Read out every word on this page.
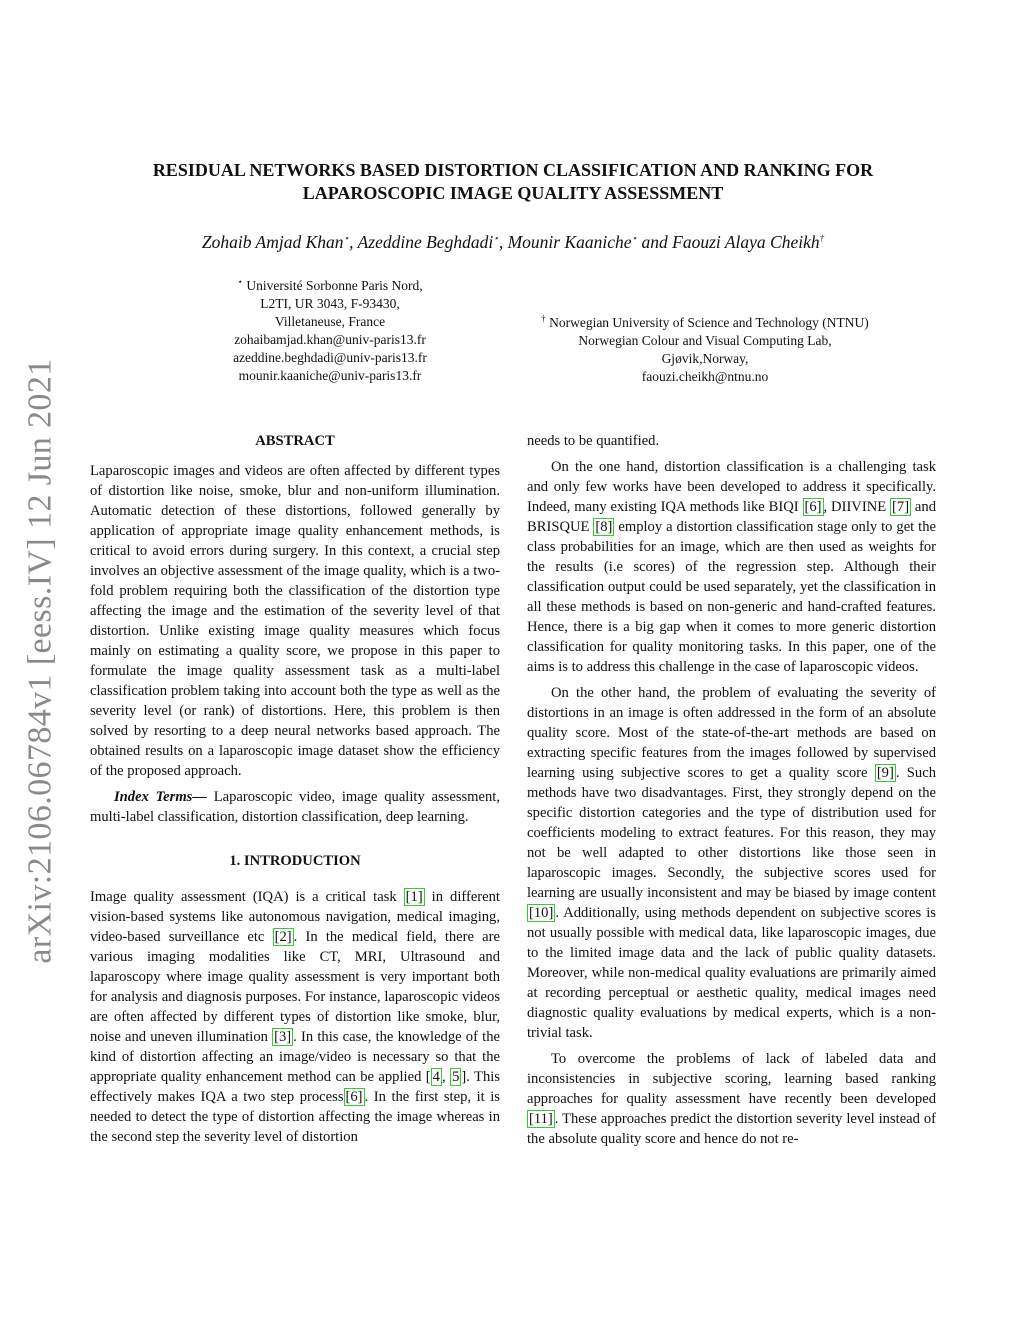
arXiv:2106.06784v1 [eess.IV] 12 Jun 2021
RESIDUAL NETWORKS BASED DISTORTION CLASSIFICATION AND RANKING FOR LAPAROSCOPIC IMAGE QUALITY ASSESSMENT
Zohaib Amjad Khan⋆, Azeddine Beghdadi⋆, Mounir Kaaniche⋆ and Faouzi Alaya Cheikh†
⋆ Université Sorbonne Paris Nord,
L2TI, UR 3043, F-93430,
Villetaneuse, France
zohaibamjad.khan@univ-paris13.fr
azeddine.beghdadi@univ-paris13.fr
mounir.kaaniche@univ-paris13.fr
† Norwegian University of Science and Technology (NTNU)
Norwegian Colour and Visual Computing Lab,
Gjøvik,Norway,
faouzi.cheikh@ntnu.no
ABSTRACT

Laparoscopic images and videos are often affected by different types of distortion like noise, smoke, blur and non-uniform illumination. Automatic detection of these distortions, followed generally by application of appropriate image quality enhancement methods, is critical to avoid errors during surgery. In this context, a crucial step involves an objective assessment of the image quality, which is a two-fold problem requiring both the classification of the distortion type affecting the image and the estimation of the severity level of that distortion. Unlike existing image quality measures which focus mainly on estimating a quality score, we propose in this paper to formulate the image quality assessment task as a multi-label classification problem taking into account both the type as well as the severity level (or rank) of distortions. Here, this problem is then solved by resorting to a deep neural networks based approach. The obtained results on a laparoscopic image dataset show the efficiency of the proposed approach.

Index Terms— Laparoscopic video, image quality assessment, multi-label classification, distortion classification, deep learning.

1. INTRODUCTION

Image quality assessment (IQA) is a critical task [1] in different vision-based systems like autonomous navigation, medical imaging, video-based surveillance etc [2] . In the medical field, there are various imaging modalities like CT, MRI, Ultrasound and laparoscopy where image quality assessment is very important both for analysis and diagnosis purposes. For instance, laparoscopic videos are often affected by different types of distortion like smoke, blur, noise and uneven illumination [3] . In this case, the knowledge of the kind of distortion affecting an image/video is necessary so that the appropriate quality enhancement method can be applied [ 4 , 5 ]. This effectively makes IQA a two step process [6] . In the first step, it is needed to detect the type of distortion affecting the image whereas in the second step the severity level of distortion

needs to be quantified.

On the one hand, distortion classification is a challenging task and only few works have been developed to address it specifically. Indeed, many existing IQA methods like BIQI [6] , DIIVINE [7] and BRISQUE [8] employ a distortion classification stage only to get the class probabilities for an image, which are then used as weights for the results (i.e scores) of the regression step. Although their classification output could be used separately, yet the classification in all these methods is based on non-generic and hand-crafted features. Hence, there is a big gap when it comes to more generic distortion classification for quality monitoring tasks. In this paper, one of the aims is to address this challenge in the case of laparoscopic videos.

On the other hand, the problem of evaluating the severity of distortions in an image is often addressed in the form of an absolute quality score. Most of the state-of-the-art methods are based on extracting specific features from the images followed by supervised learning using subjective scores to get a quality score [9] . Such methods have two disadvantages. First, they strongly depend on the specific distortion categories and the type of distribution used for coefficients modeling to extract features. For this reason, they may not be well adapted to other distortions like those seen in laparoscopic images. Secondly, the subjective scores used for learning are usually inconsistent and may be biased by image content [10] . Additionally, using methods dependent on subjective scores is not usually possible with medical data, like laparoscopic images, due to the limited image data and the lack of public quality datasets. Moreover, while non-medical quality evaluations are primarily aimed at recording perceptual or aesthetic quality, medical images need diagnostic quality evaluations by medical experts, which is a non-trivial task.

To overcome the problems of lack of labeled data and inconsistencies in subjective scoring, learning based ranking approaches for quality assessment have recently been developed [11] . These approaches predict the distortion severity level instead of the absolute quality score and hence do not re-
